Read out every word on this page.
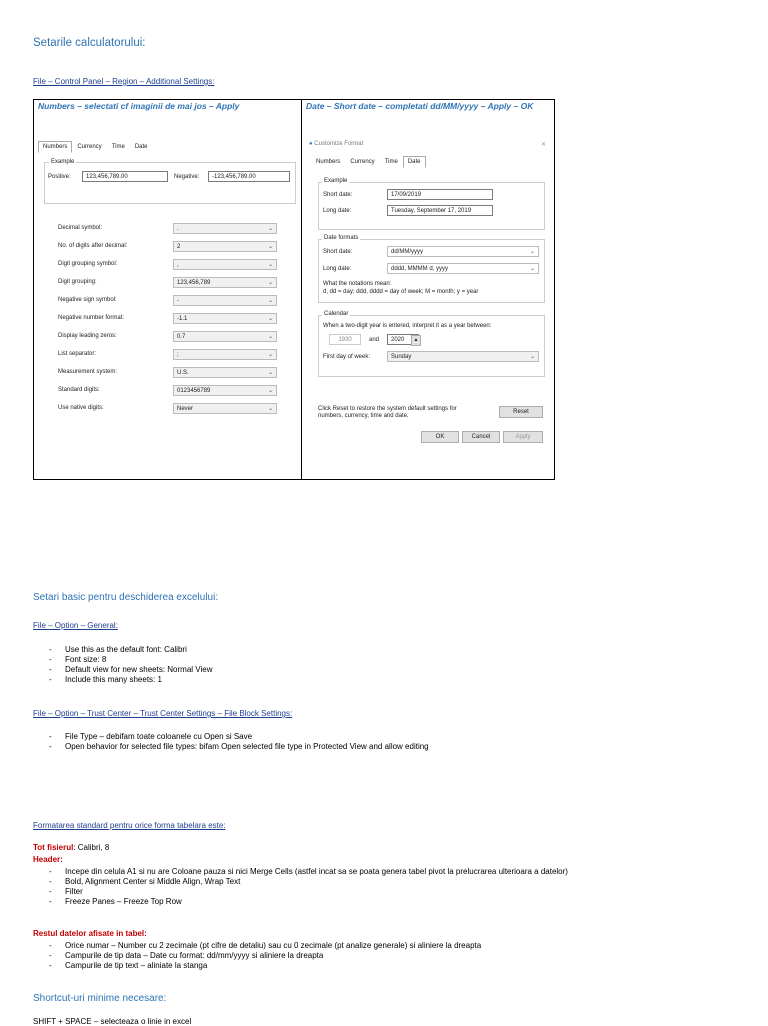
Setarile calculatorului:
File – Control Panel – Region – Additional Settings:
Numbers – selectati cf imaginii de mai jos – Apply	Date – Short date – completati dd/MM/yyyy – Apply – OK
Numbers	Currency	Time	Date
Example
Positive:	123,456,789.00	Negative:	-123,456,789.00
Decimal symbol:	.	⌄
No. of digits after decimal:	2	⌄
Digit grouping symbol:	,	⌄
Digit grouping:	123,456,789	⌄
Negative sign symbol:	-	⌄
Negative number format:	-1.1	⌄
Display leading zeros:	0.7	⌄
List separator:	;	⌄
Measurement system:	U.S.	⌄
Standard digits:	0123456789	⌄
Use native digits:	Never	⌄
● Customize Format	✕
Numbers	Currency	Time	Date
Example
Short date:	17/09/2019
Long date:	Tuesday, September 17, 2019
Date formats
Short date:	dd/MM/yyyy	⌄
Long date:	dddd, MMMM d, yyyy	⌄
What the notations mean:
d, dd = day; ddd, dddd = day of week; M = month; y = year
Calendar
When a two-digit year is entered, interpret it as a year between:
1930	and	2020	▲
First day of week:	Sunday	⌄
Click Reset to restore the system default settings for numbers, currency, time and date.
Reset
OK	Cancel	Apply
Setari basic pentru deschiderea excelului:
File – Option – General:
- Use this as the default font: Calibri
- Font size: 8
- Default view for new sheets: Normal View
- Include this many sheets: 1
File – Option – Trust Center – Trust Center Settings – File Block Settings:
- File Type – debifam toate coloanele cu Open si Save
- Open behavior for selected file types: bifam Open selected file type in Protected View and allow editing
Formatarea standard pentru orice forma tabelara este:
Tot fisierul: Calibri, 8
Header:
- Incepe din celula A1 si nu are Coloane pauza si nici Merge Cells (astfel incat sa se poata genera tabel pivot la prelucrarea ulterioara a datelor)
- Bold, Alignment Center si Middle Align, Wrap Text
- Filter
- Freeze Panes – Freeze Top Row
Restul datelor afisate in tabel:
- Orice numar – Number cu 2 zecimale (pt cifre de detaliu) sau cu 0 zecimale (pt analize generale) si aliniere la dreapta
- Campurile de tip data – Date cu format: dd/mm/yyyy si aliniere la dreapta
- Campurile de tip text – aliniate la stanga
Shortcut-uri minime necesare:
SHIFT + SPACE – selecteaza o linie in excel
